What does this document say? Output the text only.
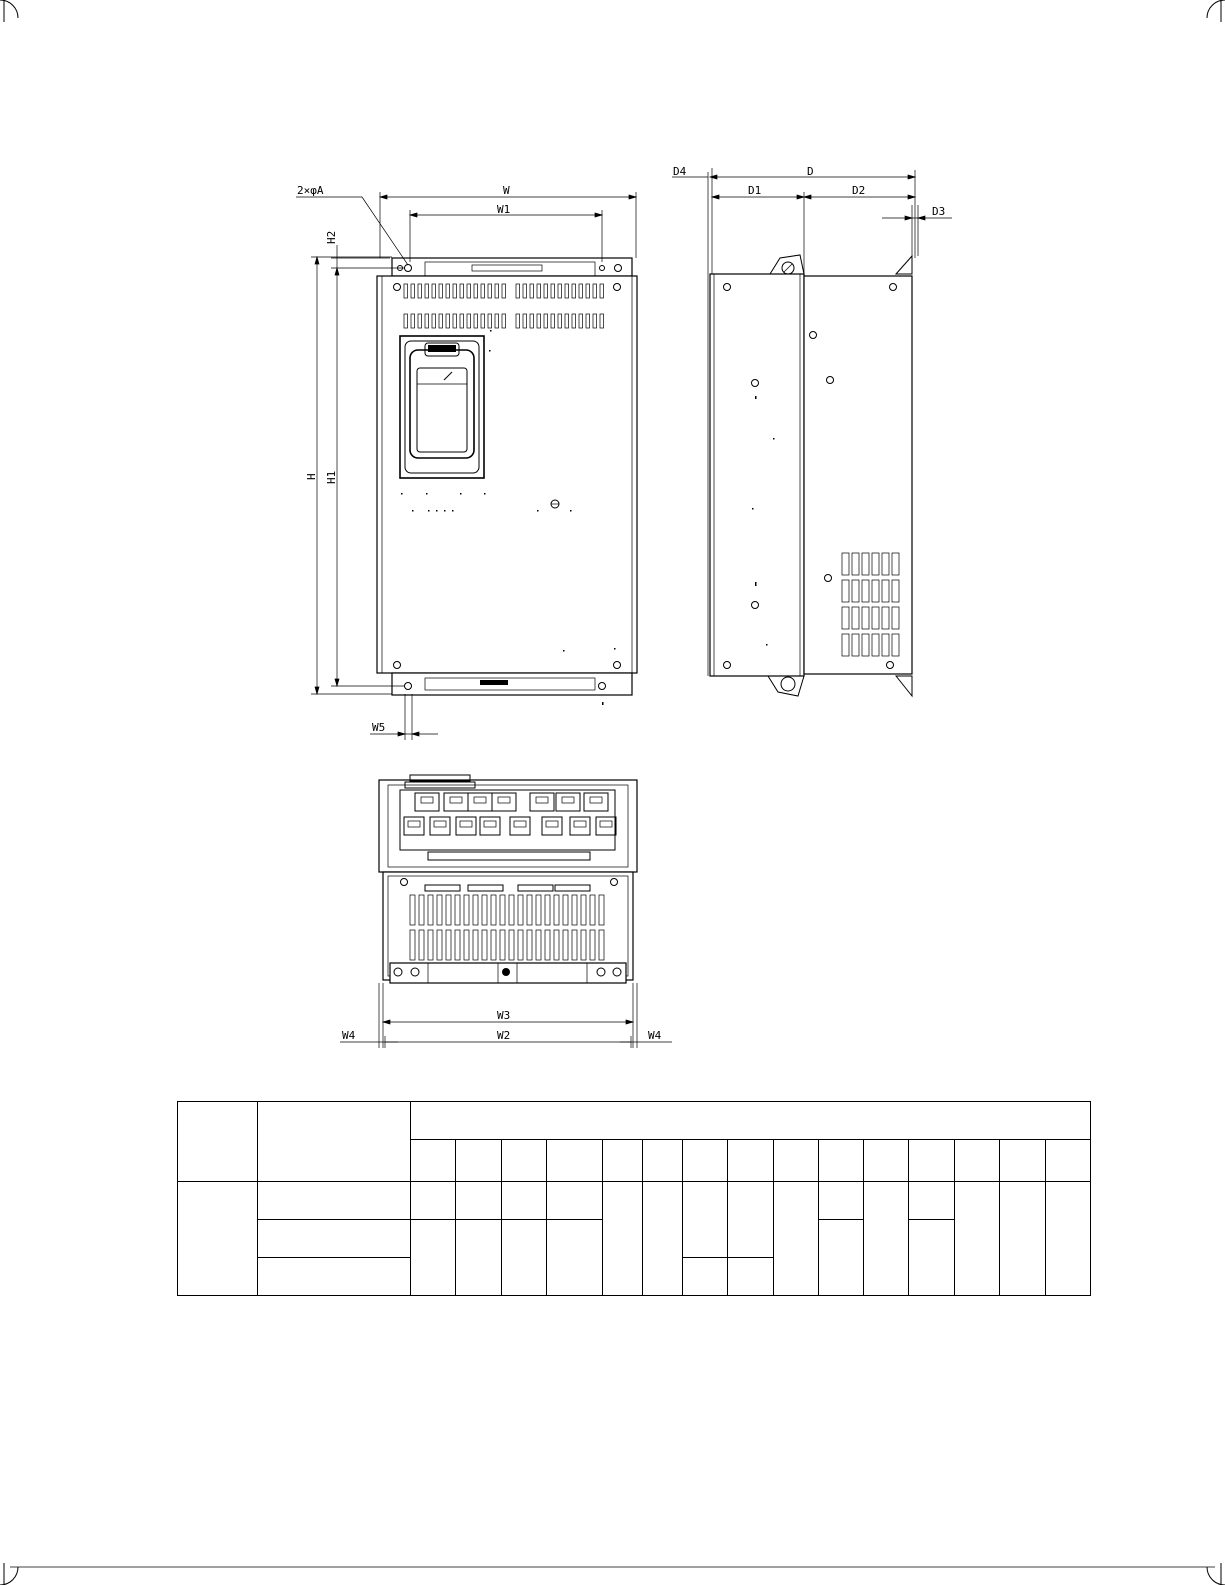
2×φA	W
W1
H2
H H1
W5
D4	D
D1	D2
D3
W3
W2
W4	W4
